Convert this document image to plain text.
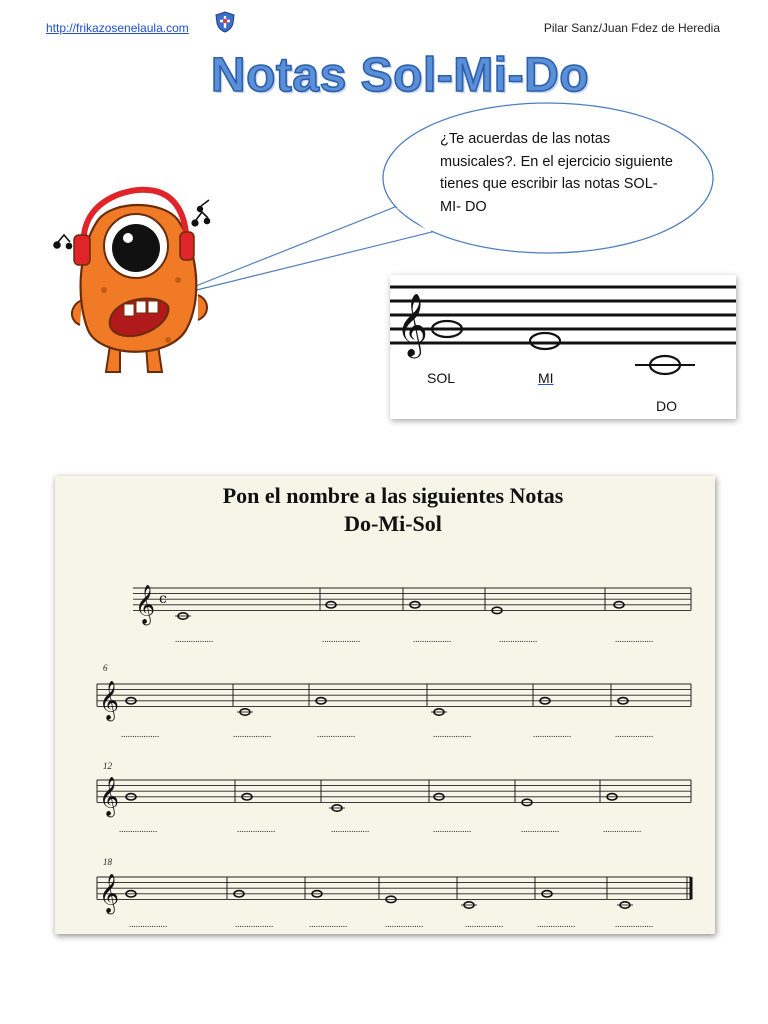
http://frikazosenelaula.com	Pilar Sanz/Juan Fdez de Heredia
Notas Sol-Mi-Do
¿Te acuerdas de las notas musicales?. En el ejercicio siguiente tienes que escribir las notas SOL- MI- DO
𝄞
SOL	MI
DO
Pon el nombre a las siguientes Notas
Do-Mi-Sol
6
12
18
𝄞 c
𝄞
𝄞
𝄞
.................	.................	.................	.................	.................
.................	.................	.................	.................	.................	.................
.................	.................	.................	.................	.................	.................
.................	.................	.................	.................	.................	.................	.................
